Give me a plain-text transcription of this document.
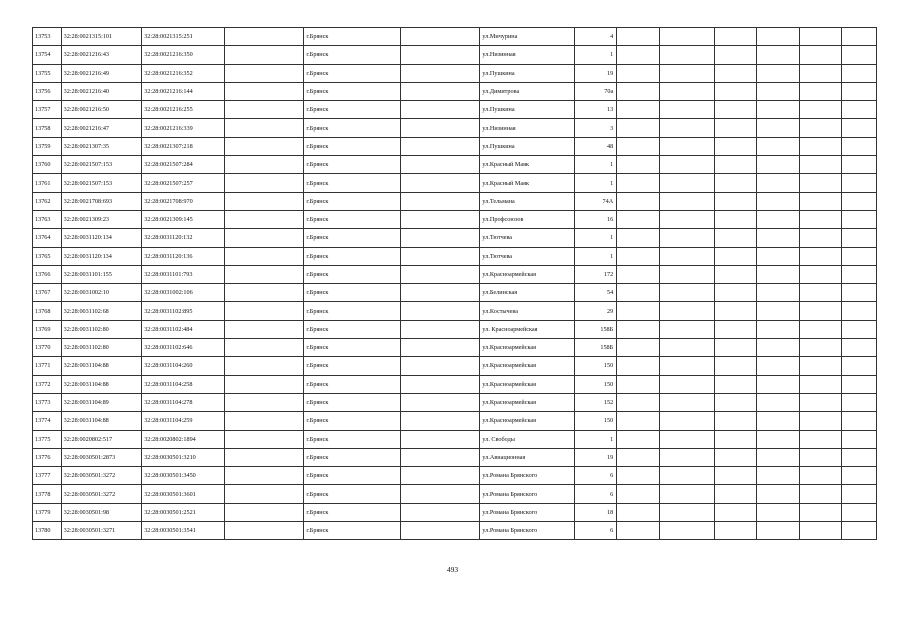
13753	32:28:0021315:101	32:28:0021315:251		г.Брянск		ул.Мичурина	4						
13754	32:28:0021216:43	32:28:0021216:350		г.Брянск		ул.Низинная	1						
13755	32:28:0021216:49	32:28:0021216:352		г.Брянск		ул.Пушкина	19						
13756	32:28:0021216:40	32:28:0021216:144		г.Брянск		ул.Димитрова	70а						
13757	32:28:0021216:50	32:28:0021216:255		г.Брянск		ул.Пушкина	13						
13758	32:28:0021216:47	32:28:0021216:339		г.Брянск		ул.Низинная	3						
13759	32:28:0021307:35	32:28:0021307:218		г.Брянск		ул.Пушкина	48						
13760	32:28:0021507:153	32:28:0021507:284		г.Брянск		ул.Красный Маяк	1						
13761	32:28:0021507:153	32:28:0021507:257		г.Брянск		ул.Красный Маяк	1						
13762	32:28:0021708:693	32:28:0021708:970		г.Брянск		ул.Тельмана	74А						
13763	32:28:0021309:23	32:28:0021309:145		г.Брянск		ул.Профсоюзов	16						
13764	32:28:0031120:134	32:28:0031120:132		г.Брянск		ул.Тютчева	1						
13765	32:28:0031120:134	32:28:0031120:136		г.Брянск		ул.Тютчева	1						
13766	32:28:0031101:155	32:28:0031101:793		г.Брянск		ул.Красноармейская	172						
13767	32:28:0031002:10	32:28:0031002:106		г.Брянск		ул.Белинская	54						
13768	32:28:0031102:68	32:28:0031102:895		г.Брянск		ул.Костычева	29						
13769	32:28:0031102:80	32:28:0031102:484		г.Брянск		ул. Красноармейская	158Б						
13770	32:28:0031102:80	32:28:0031102:646		г.Брянск		ул.Красноармейская	158Б						
13771	32:28:0031104:88	32:28:0031104:260		г.Брянск		ул.Красноармейская	150						
13772	32:28:0031104:88	32:28:0031104:258		г.Брянск		ул.Красноармейская	150						
13773	32:28:0031104:89	32:28:0031104:278		г.Брянск		ул.Красноармейская	152						
13774	32:28:0031104:88	32:28:0031104:259		г.Брянск		ул.Красноармейская	150						
13775	32:28:0020802:517	32:28:0020802:1894		г.Брянск		ул. Свободы	1						
13776	32:28:0030501:2873	32:28:0030501:3210		г.Брянск		ул.Авиационная	19						
13777	32:28:0030501:3272	32:28:0030501:3450		г.Брянск		ул.Романа Брянского	6						
13778	32:28:0030501:3272	32:28:0030501:3601		г.Брянск		ул.Романа Брянского	6						
13779	32:28:0030501:98	32:28:0030501:2521		г.Брянск		ул.Романа Брянского	18						
13780	32:28:0030501:3271	32:28:0030501:3541		г.Брянск		ул.Романа Брянского	6						
493
